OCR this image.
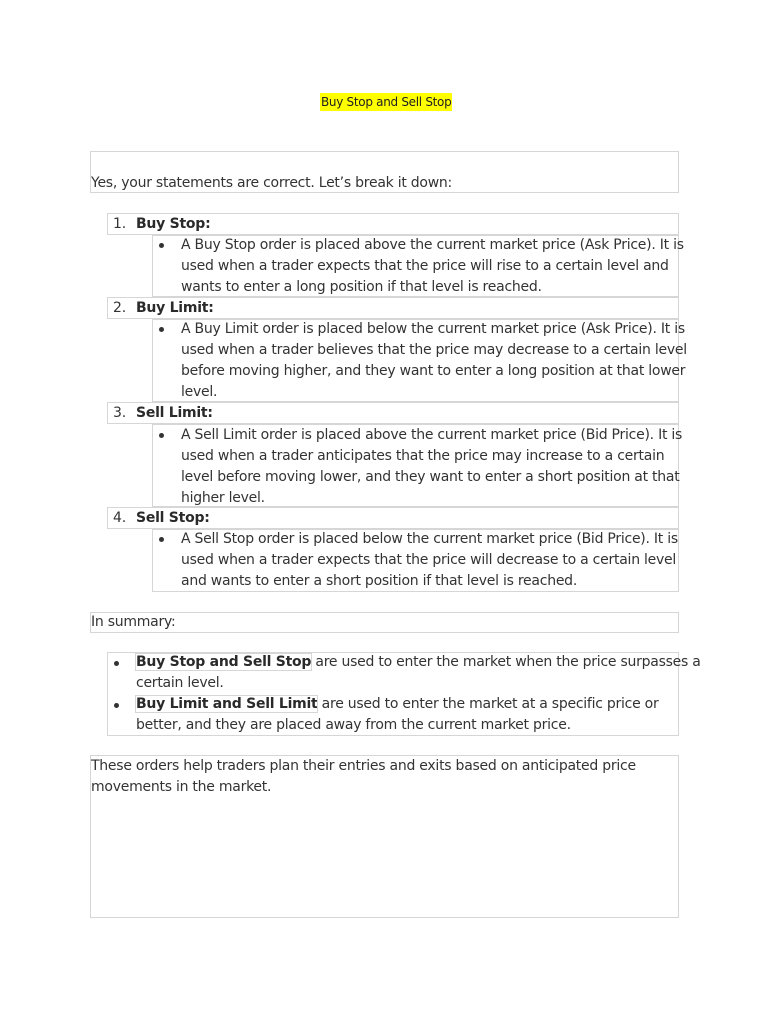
Buy Stop and Sell Stop
Yes, your statements are correct. Let’s break it down:
1. Buy Stop:
A Buy Stop order is placed above the current market price (Ask Price). It is
used when a trader expects that the price will rise to a certain level and
wants to enter a long position if that level is reached.
2. Buy Limit:
A Buy Limit order is placed below the current market price (Ask Price). It is
used when a trader believes that the price may decrease to a certain level
before moving higher, and they want to enter a long position at that lower
level.
3. Sell Limit:
A Sell Limit order is placed above the current market price (Bid Price). It is
used when a trader anticipates that the price may increase to a certain
level before moving lower, and they want to enter a short position at that
higher level.
4. Sell Stop:
A Sell Stop order is placed below the current market price (Bid Price). It is
used when a trader expects that the price will decrease to a certain level
and wants to enter a short position if that level is reached.
In summary:
Buy Stop and Sell Stop are used to enter the market when the price surpasses a
certain level.
Buy Limit and Sell Limit are used to enter the market at a specific price or
better, and they are placed away from the current market price.
These orders help traders plan their entries and exits based on anticipated price
movements in the market.
